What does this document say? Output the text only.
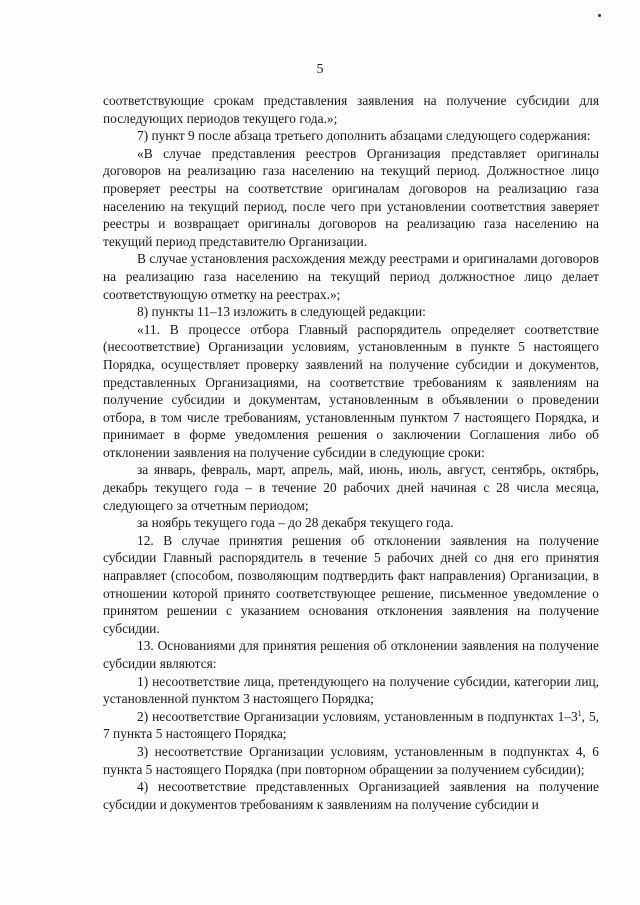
5

соответствующие срокам представления заявления на получение субсидии для последующих периодов текущего года.»;

7) пункт 9 после абзаца третьего дополнить абзацами следующего содержания:

«В случае представления реестров Организация представляет оригиналы договоров на реализацию газа населению на текущий период. Должностное лицо проверяет реестры на соответствие оригиналам договоров на реализацию газа населению на текущий период, после чего при установлении соответствия заверяет реестры и возвращает оригиналы договоров на реализацию газа населению на текущий период представителю Организации.

В случае установления расхождения между реестрами и оригиналами договоров на реализацию газа населению на текущий период должностное лицо делает соответствующую отметку на реестрах.»;

8) пункты 11–13 изложить в следующей редакции:

«11. В процессе отбора Главный распорядитель определяет соответствие (несоответствие) Организации условиям, установленным в пункте 5 настоящего Порядка, осуществляет проверку заявлений на получение субсидии и документов, представленных Организациями, на соответствие требованиям к заявлениям на получение субсидии и документам, установленным в объявлении о проведении отбора, в том числе требованиям, установленным пунктом 7 настоящего Порядка, и принимает в форме уведомления решения о заключении Соглашения либо об отклонении заявления на получение субсидии в следующие сроки:

за январь, февраль, март, апрель, май, июнь, июль, август, сентябрь, октябрь, декабрь текущего года – в течение 20 рабочих дней начиная с 28 числа месяца, следующего за отчетным периодом;

за ноябрь текущего года – до 28 декабря текущего года.

12. В случае принятия решения об отклонении заявления на получение субсидии Главный распорядитель в течение 5 рабочих дней со дня его принятия направляет (способом, позволяющим подтвердить факт направления) Организации, в отношении которой принято соответствующее решение, письменное уведомление о принятом решении с указанием основания отклонения заявления на получение субсидии.

13. Основаниями для принятия решения об отклонении заявления на получение субсидии являются:

1) несоответствие лица, претендующего на получение субсидии, категории лиц, установленной пунктом 3 настоящего Порядка;

2) несоответствие Организации условиям, установленным в подпунктах $1-3^1$, 5, 7 пункта 5 настоящего Порядка;

3) несоответствие Организации условиям, установленным в подпунктах 4, 6 пункта 5 настоящего Порядка (при повторном обращении за получением субсидии);

4) несоответствие представленных Организацией заявления на получение субсидии и документов требованиям к заявлениям на получение субсидии и
